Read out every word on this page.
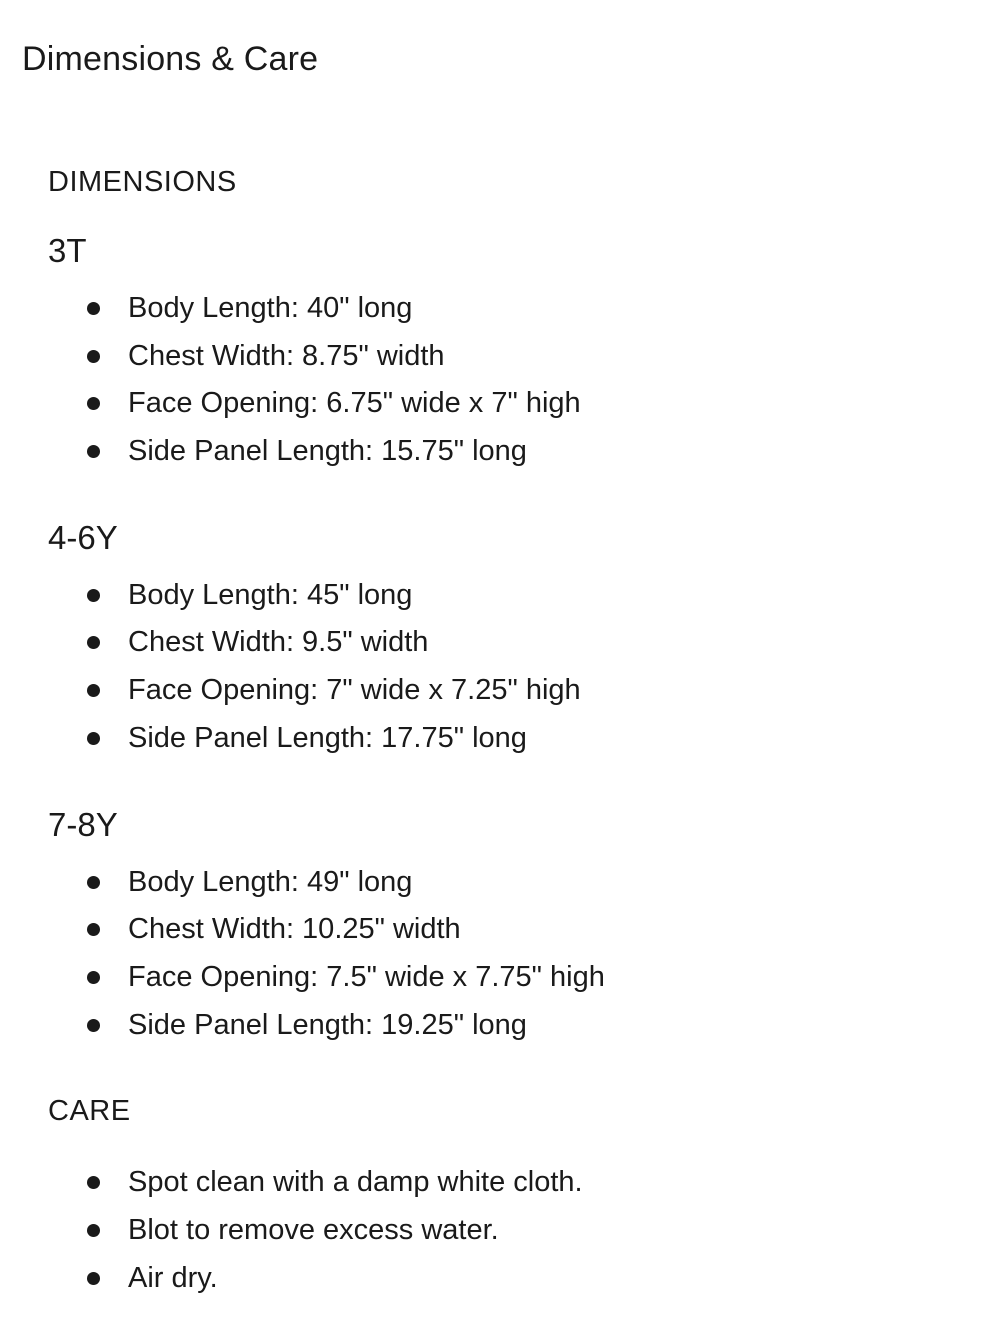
Dimensions & Care
DIMENSIONS
3T
Body Length: 40" long
Chest Width: 8.75" width
Face Opening: 6.75" wide x 7" high
Side Panel Length: 15.75" long
4-6Y
Body Length: 45" long
Chest Width: 9.5" width
Face Opening: 7" wide x 7.25" high
Side Panel Length: 17.75" long
7-8Y
Body Length: 49" long
Chest Width: 10.25" width
Face Opening: 7.5" wide x 7.75" high
Side Panel Length: 19.25" long
CARE
Spot clean with a damp white cloth.
Blot to remove excess water.
Air dry.
